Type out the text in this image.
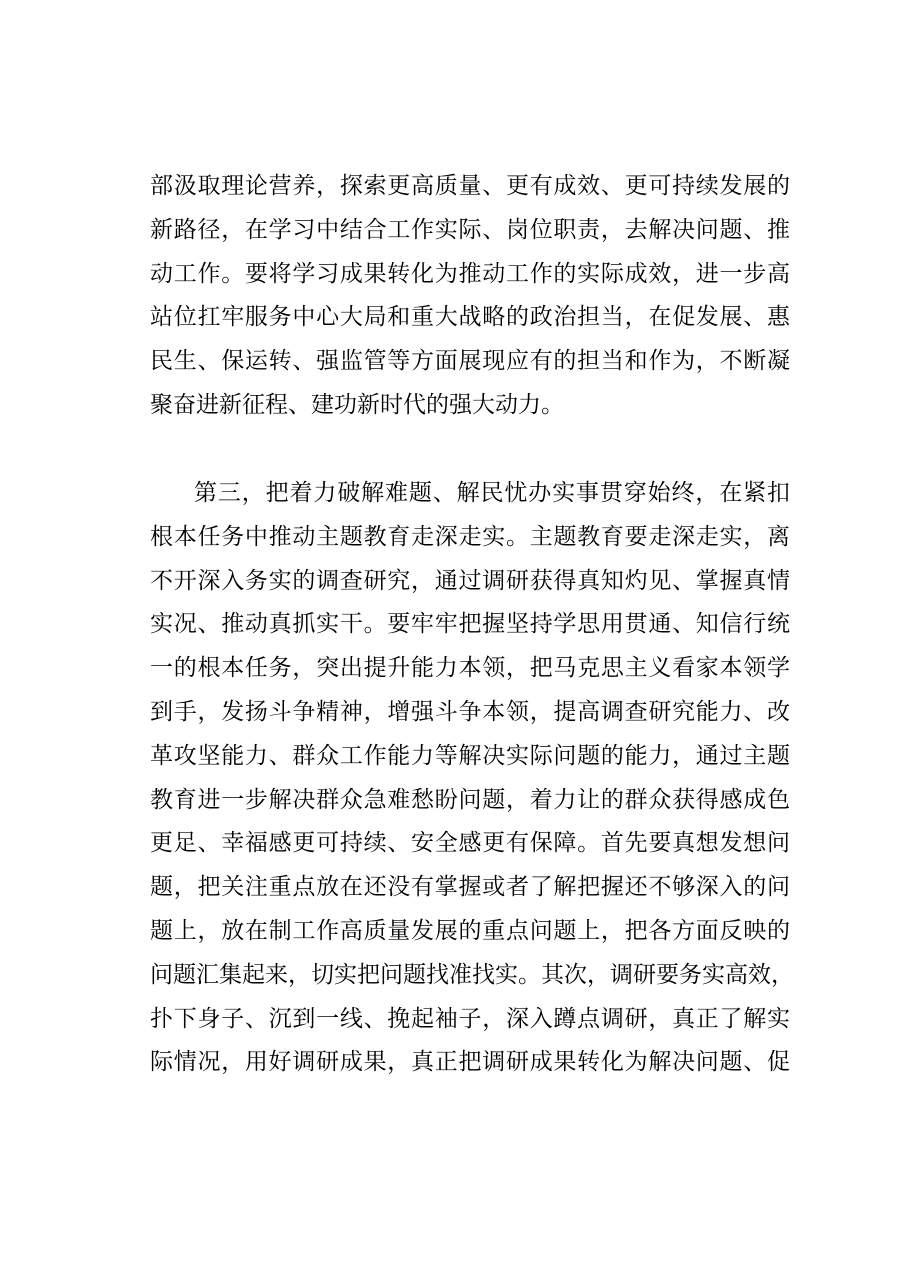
部汲取理论营养，探索更高质量、更有成效、更可持续发展的
新路径，在学习中结合工作实际、岗位职责，去解决问题、推
动工作。要将学习成果转化为推动工作的实际成效，进一步高
站位扛牢服务中心大局和重大战略的政治担当，在促发展、惠
民生、保运转、强监管等方面展现应有的担当和作为，不断凝
聚奋进新征程、建功新时代的强大动力。
第三，把着力破解难题、解民忧办实事贯穿始终，在紧扣
根本任务中推动主题教育走深走实。主题教育要走深走实，离
不开深入务实的调查研究，通过调研获得真知灼见、掌握真情
实况、推动真抓实干。要牢牢把握坚持学思用贯通、知信行统
一的根本任务，突出提升能力本领，把马克思主义看家本领学
到手，发扬斗争精神，增强斗争本领，提高调查研究能力、改
革攻坚能力、群众工作能力等解决实际问题的能力，通过主题
教育进一步解决群众急难愁盼问题，着力让的群众获得感成色
更足、幸福感更可持续、安全感更有保障。首先要真想发想问
题，把关注重点放在还没有掌握或者了解把握还不够深入的问
题上，放在制工作高质量发展的重点问题上，把各方面反映的
问题汇集起来，切实把问题找准找实。其次，调研要务实高效，
扑下身子、沉到一线、挽起袖子，深入蹲点调研，真正了解实
际情况，用好调研成果，真正把调研成果转化为解决问题、促
